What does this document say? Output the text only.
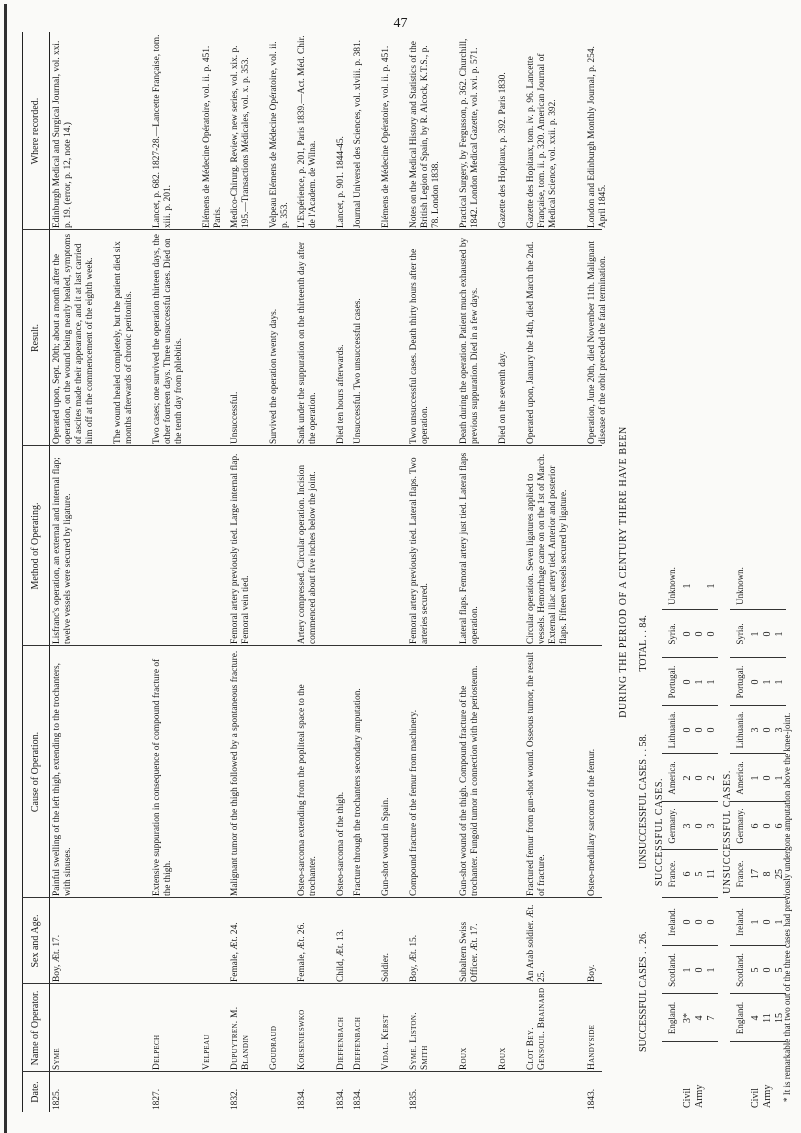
47
Date.
Name of Operator.
Sex and Age.
Cause of Operation.
Method of Operating.
Result.
Where recorded.
1825.
Syme
Boy, Æt. 17.
Painful swelling of the left thigh, extending to the trochanters, with sinuses.
Lisfranc's operation, an external and internal flap; twelve vessels were secured by ligature.
Operated upon, Sept. 20th; about a month after the operation, on the wound being nearly healed, symptoms of ascites made their appearance, and it at last carried him off at the commencement of the eighth week.
Edinburgh Medical and Surgical Journal, vol. xxi. p. 19. (error, p. 12, note 14.)
The wound healed completely, but the patient died six months afterwards of chronic peritonitis.
1827.
Delpech
Extensive suppuration in consequence of compound fracture of the thigh.
Two cases; one survived the operation thirteen days, the other fourteen days. Three unsuccessful cases. Died on the tenth day from phlebitis.
Lancet, p. 682. 1827-28.—Lancette Française, tom. xiii. p. 201.
Velpeau
Elémens de Médecine Opératoire, vol. ii. p. 451. Paris.
1832.
Dupuytren. M. Blandin
Female, Æt. 24.
Malignant tumor of the thigh followed by a spontaneous fracture.
Femoral artery previously tied. Large internal flap. Femoral vein tied.
Unsuccessful.
Medico-Chirurg. Review, new series, vol. xix. p. 195.—Transactions Médicales, vol. x. p. 353.
Goudraud
Survived the operation twenty days.
Velpeau Elémens de Médecine Opératoire, vol. ii. p. 353.
1834.
Korsenieswko
Female, Æt. 26.
Osteo-sarcoma extending from the popliteal space to the trochanter.
Artery compressed. Circular operation. Incision commenced about five inches below the joint.
Sank under the suppuration on the thirteenth day after the operation.
L'Expérience, p. 201, Paris 1839.—Act. Méd. Chir. de l'Academ. de Wilna.
1834.
Dieffenbach
Child, Æt. 13.
Osteo-sarcoma of the thigh.
Died ten hours afterwards.
Lancet, p. 901. 1844-45.
1834.
Dieffenbach
Fracture through the trochanters secondary amputation.
Unsuccessful. Two unsuccessful cases.
Journal Universel des Sciences, vol. xlviii. p. 381.
Vidal. Kerst
Soldier.
Gun-shot wound in Spain.
Elémens de Médecine Opératoire, vol. ii. p. 451.
1835.
Syme. Liston. Smith
Boy, Æt. 15.
Compound fracture of the femur from machinery.
Femoral artery previously tied. Lateral flaps. Two arteries secured.
Two unsuccessful cases. Death thirty hours after the operation.
Notes on the Medical History and Statistics of the British Legion of Spain, by R. Alcock, K.T.S., p. 78. London 1838.
Roux
Subaltern Swiss Officer. Æt. 17.
Gun-shot wound of the thigh. Compound fracture of the trochanter. Fungoid tumor in connection with the periosteum.
Lateral flaps. Femoral artery just tied. Lateral flaps operation.
Death during the operation. Patient much exhausted by previous suppuration. Died in a few days.
Practical Surgery, by Fergusson, p. 362. Churchill, 1842. London Medical Gazette, vol. xvi. p. 571.
Roux
Died on the seventh day.
Gazette des Hopitaux, p. 392. Paris 1830.
Clot Bey. Gensoul. Brainard
An Arab soldier. Æt. 25.
Fractured femur from gun-shot wound. Osseous tumor, the result of fracture.
Circular operation. Seven ligatures applied to vessels. Hemorrhage came on on the 1st of March. External iliac artery tied. Anterior and posterior flaps. Fifteen vessels secured by ligature.
Operated upon, January the 14th, died March the 2nd.
Gazette des Hopitaux, tom. iv. p. 96. Lancette Française, tom. ii. p. 320. American Journal of Medical Science, vol. xxii. p. 392.
1843.
Handyside
Boy.
Osteo-medullary sarcoma of the femur.
Operation, June 20th, died November 11th. Malignant disease of the orbit preceded the fatal termination.
London and Edinburgh Monthly Journal, p. 254. April 1845.
DURING THE PERIOD OF A CENTURY THERE HAVE BEEN
SUCCESSFUL CASES . . 26. UNSUCCESSFUL CASES . . 58. TOTAL . . 84.
SUCCESSFUL CASES.
England.
Scotland.
Ireland.
France.
Germany.
America.
Lithuania.
Portugal.
Syria.
Unknown.
Civil
3*
1
0
6
3
2
0
0
0
1
Army
4
0
0
5
0
0
0
1
0
7
1
0
11
3
2
0
1
0
1
UNSUCCESSFUL CASES.
England.
Scotland.
Ireland.
France.
Germany.
America.
Lithuania.
Portugal.
Syria.
Unknown.
Civil
4
5
1
17
6
1
3
0
1
Army
11
0
0
8
0
0
0
1
0
15
5
1
25
6
1
3
1
1
* It is remarkable that two out of the three cases had previously undergone amputation above the knee-joint.
